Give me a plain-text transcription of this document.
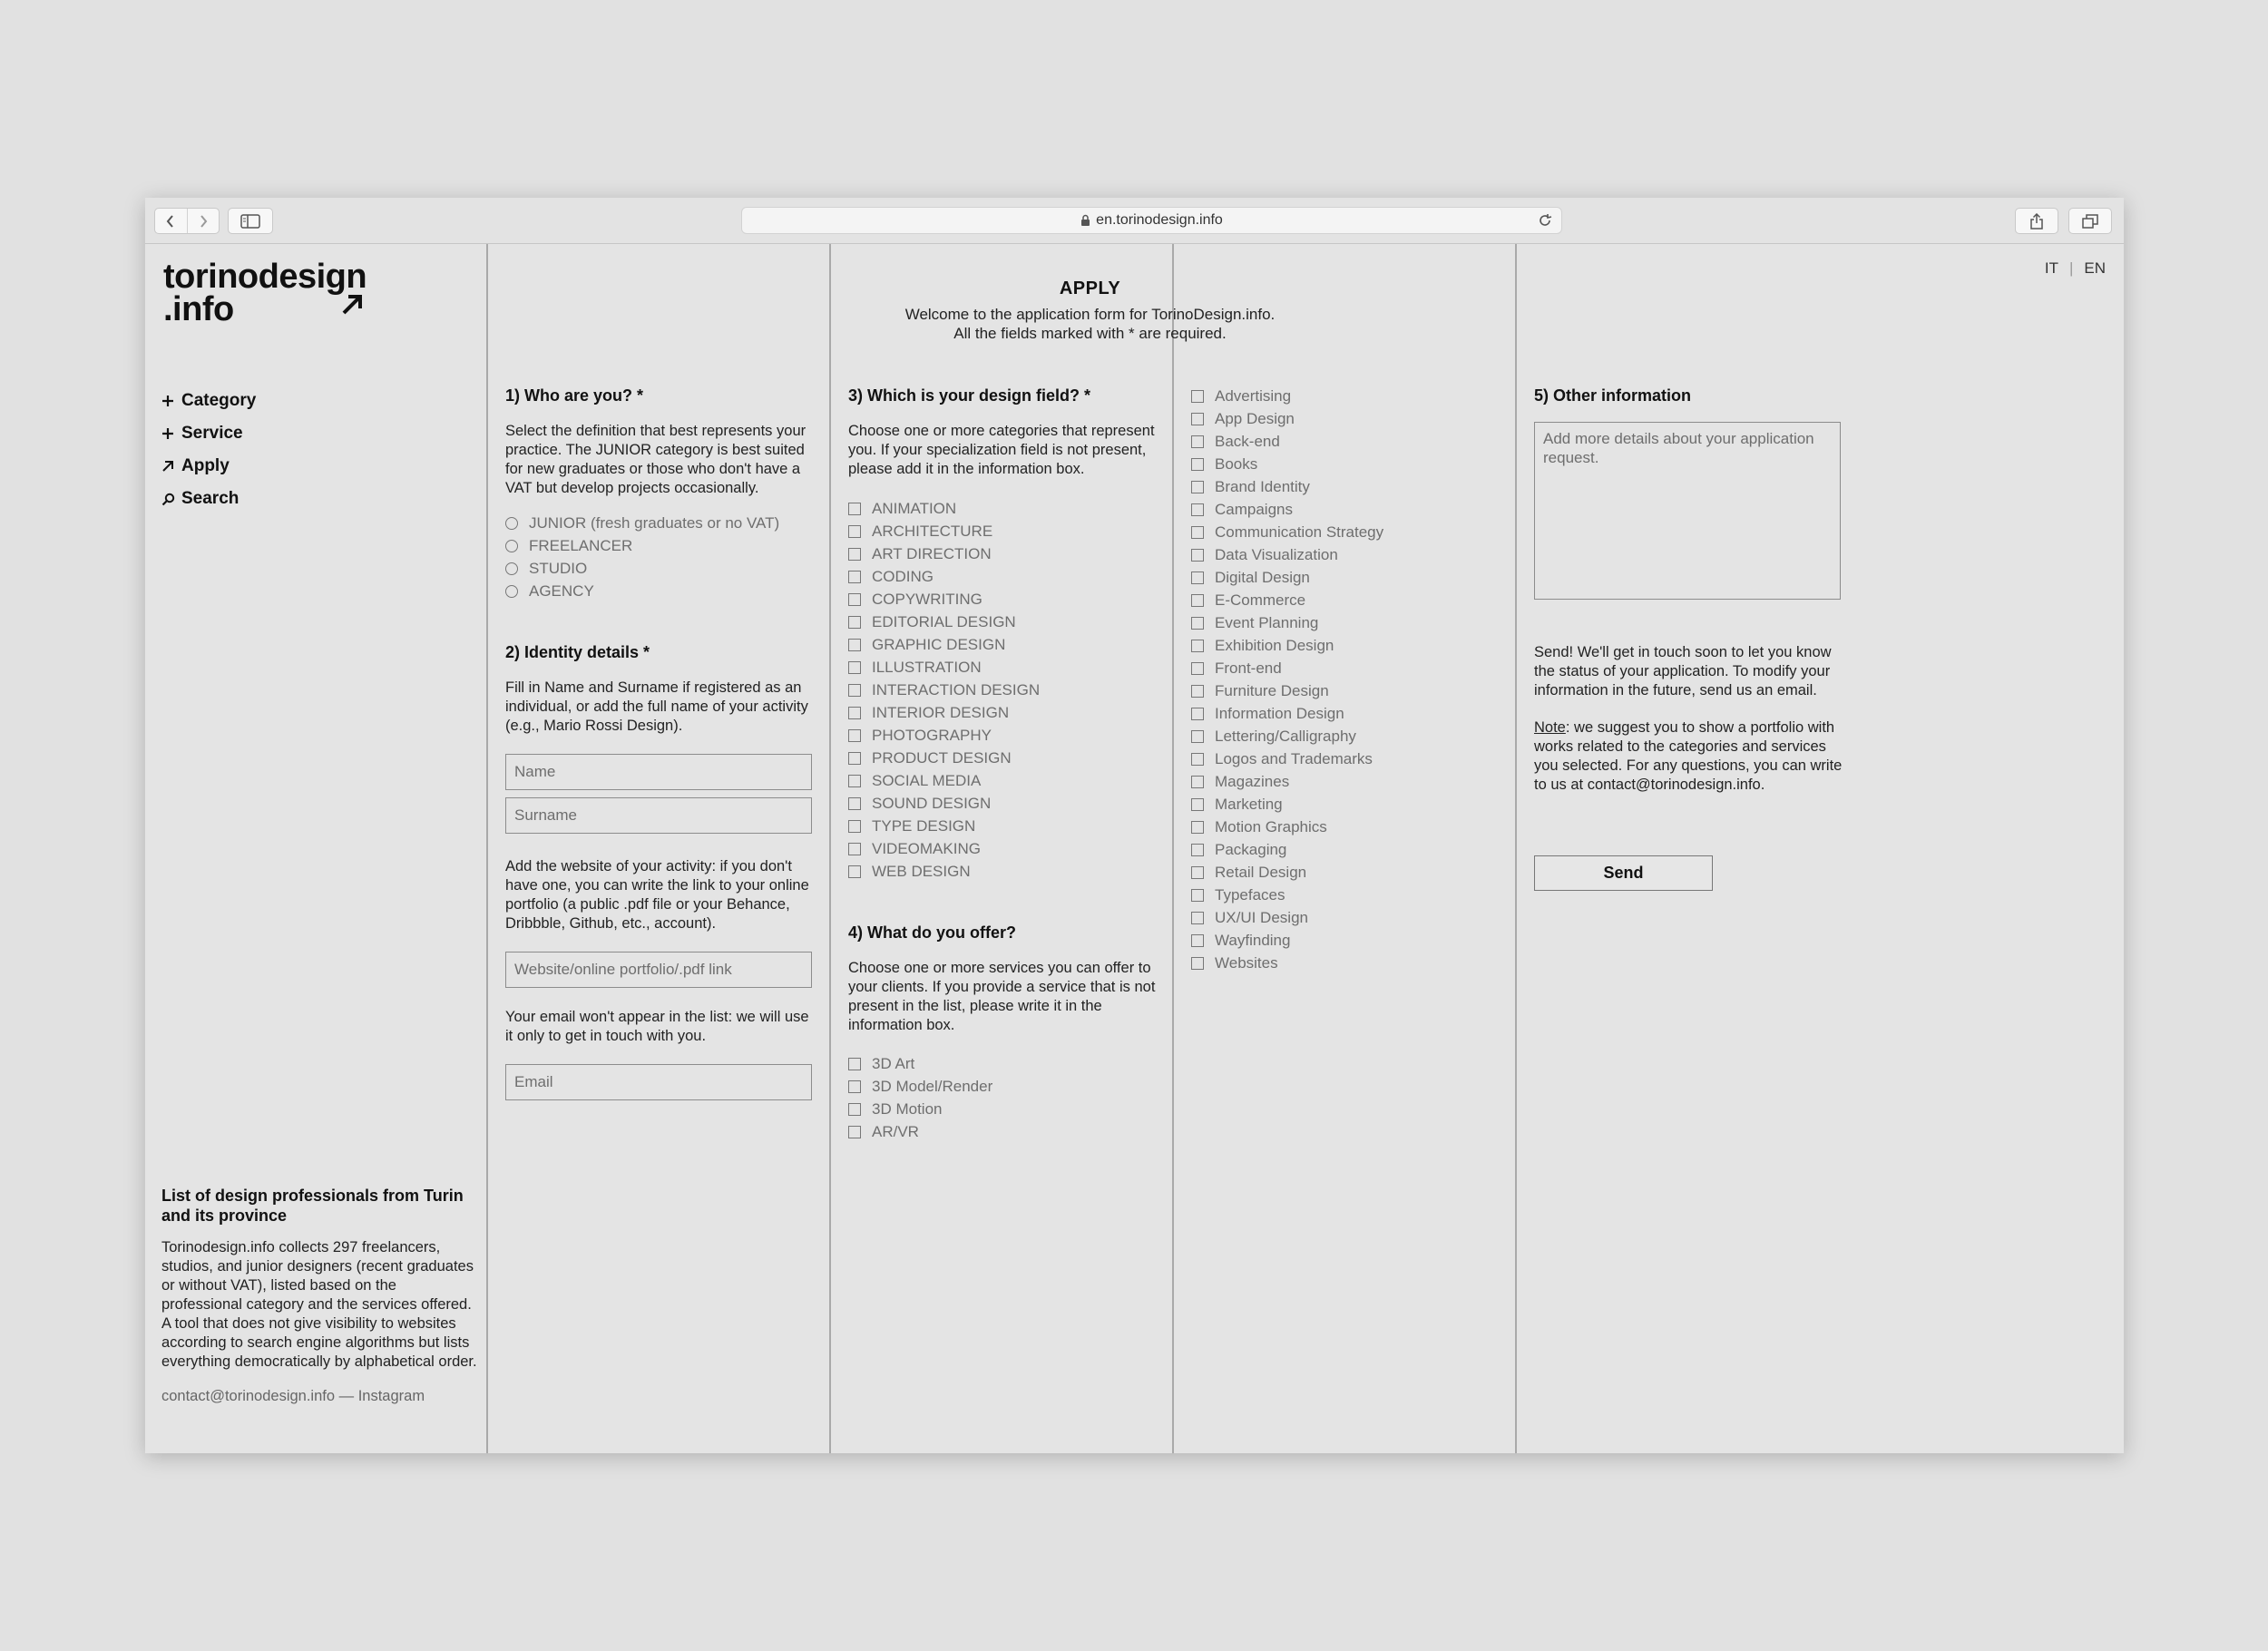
en.torinodesign.info
torinodesign
.info
Category
Service
Apply
Search
List of design professionals from Turin and its province
Torinodesign.info collects 297 freelancers, studios, and junior designers (recent graduates or without VAT), listed based on the professional category and the services offered. A tool that does not give visibility to websites according to search engine algorithms but lists everything democratically by alphabetical order.
contact@torinodesign.info — Instagram
IT | EN
APPLY
Welcome to the application form for TorinoDesign.info.
All the fields marked with * are required.
1) Who are you? *
Select the definition that best represents your practice. The JUNIOR category is best suited for new graduates or those who don't have a VAT but develop projects occasionally.
JUNIOR (fresh graduates or no VAT)
FREELANCER
STUDIO
AGENCY
2) Identity details *
Fill in Name and Surname if registered as an individual, or add the full name of your activity (e.g., Mario Rossi Design).
Name
Surname
Add the website of your activity: if you don't have one, you can write the link to your online portfolio (a public .pdf file or your Behance, Dribbble, Github, etc., account).
Website/online portfolio/.pdf link
Your email won't appear in the list: we will use it only to get in touch with you.
Email
3) Which is your design field? *
Choose one or more categories that represent you. If your specialization field is not present, please add it in the information box.
ANIMATION
ARCHITECTURE
ART DIRECTION
CODING
COPYWRITING
EDITORIAL DESIGN
GRAPHIC DESIGN
ILLUSTRATION
INTERACTION DESIGN
INTERIOR DESIGN
PHOTOGRAPHY
PRODUCT DESIGN
SOCIAL MEDIA
SOUND DESIGN
TYPE DESIGN
VIDEOMAKING
WEB DESIGN
4) What do you offer?
Choose one or more services you can offer to your clients. If you provide a service that is not present in the list, please write it in the information box.
3D Art
3D Model/Render
3D Motion
AR/VR
Advertising
App Design
Back-end
Books
Brand Identity
Campaigns
Communication Strategy
Data Visualization
Digital Design
E-Commerce
Event Planning
Exhibition Design
Front-end
Furniture Design
Information Design
Lettering/Calligraphy
Logos and Trademarks
Magazines
Marketing
Motion Graphics
Packaging
Retail Design
Typefaces
UX/UI Design
Wayfinding
Websites
5) Other information
Add more details about your application request.
Send! We'll get in touch soon to let you know the status of your application. To modify your information in the future, send us an email.
Note: we suggest you to show a portfolio with works related to the categories and services you selected. For any questions, you can write to us at contact@torinodesign.info.
Send
